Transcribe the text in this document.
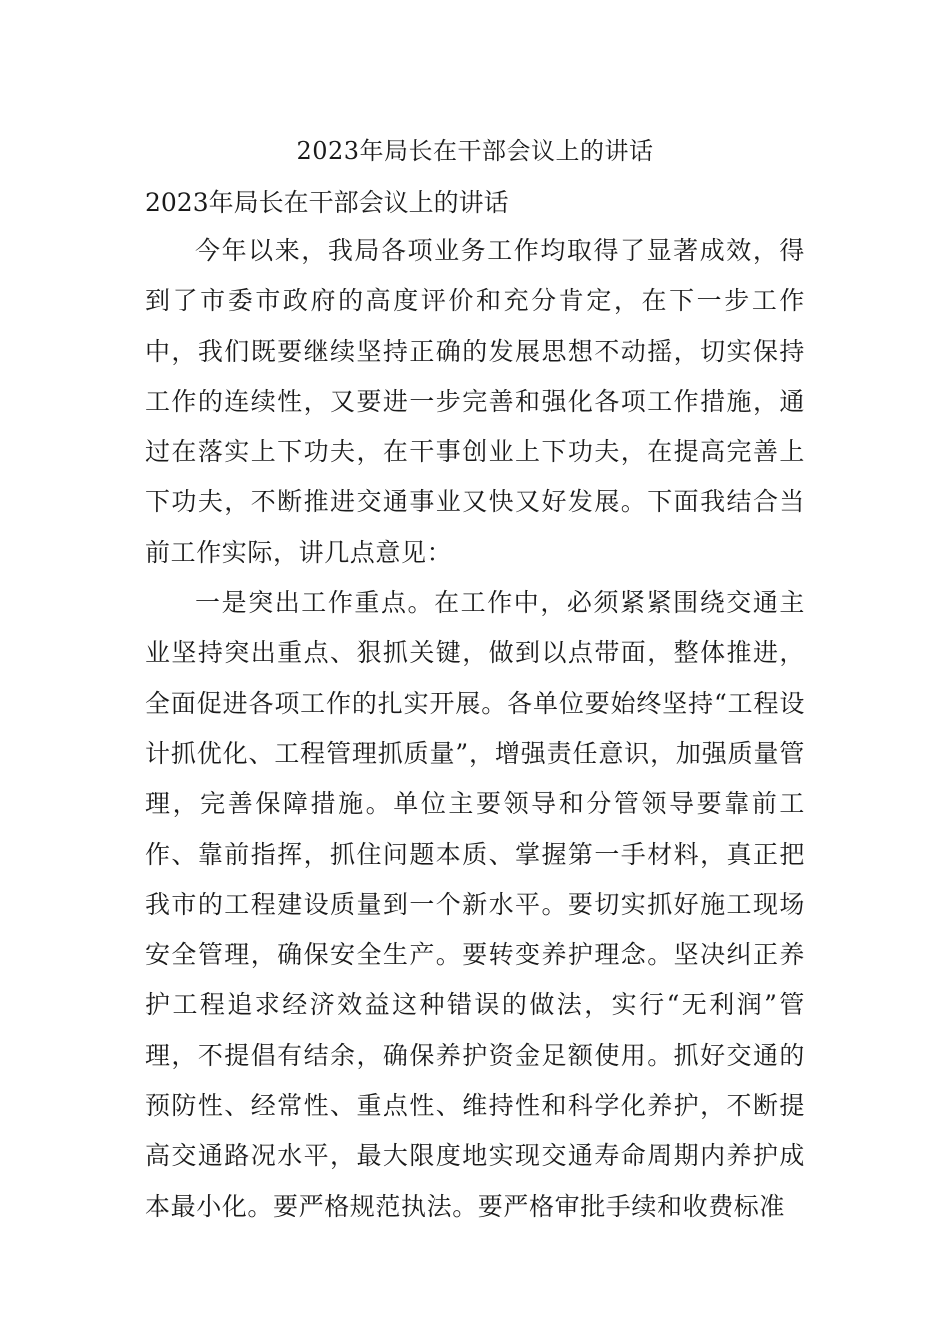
2023年局长在干部会议上的讲话
2023年局长在干部会议上的讲话

今年以来，我局各项业务工作均取得了显著成效，得到了市委市政府的高度评价和充分肯定，在下一步工作中，我们既要继续坚持正确的发展思想不动摇，切实保持工作的连续性，又要进一步完善和强化各项工作措施，通过在落实上下功夫，在干事创业上下功夫，在提高完善上下功夫，不断推进交通事业又快又好发展。下面我结合当前工作实际，讲几点意见：

一是突出工作重点。在工作中，必须紧紧围绕交通主业坚持突出重点、狠抓关键，做到以点带面，整体推进，全面促进各项工作的扎实开展。各单位要始终坚持“工程设计抓优化、工程管理抓质量”，增强责任意识，加强质量管理，完善保障措施。单位主要领导和分管领导要靠前工作、靠前指挥，抓住问题本质、掌握第一手材料，真正把我市的工程建设质量到一个新水平。要切实抓好施工现场安全管理，确保安全生产。要转变养护理念。坚决纠正养护工程追求经济效益这种错误的做法，实行“无利润”管理，不提倡有结余，确保养护资金足额使用。抓好交通的预防性、经常性、重点性、维持性和科学化养护，不断提高交通路况水平，最大限度地实现交通寿命周期内养护成本最小化。要严格规范执法。要严格审批手续和收费标准
